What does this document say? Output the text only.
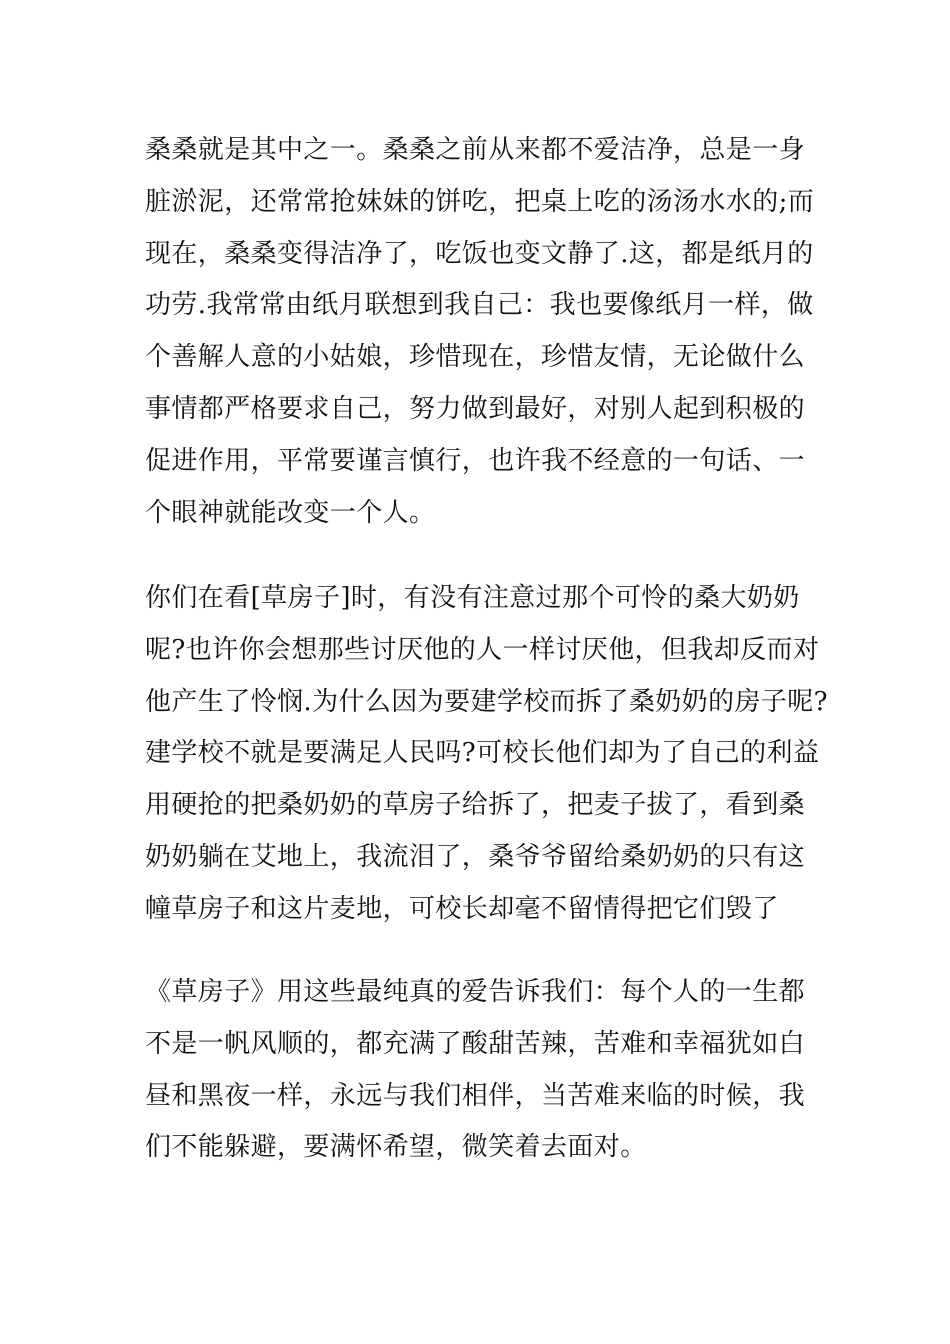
桑桑就是其中之一。桑桑之前从来都不爱洁净，总是一身
脏淤泥，还常常抢妹妹的饼吃，把桌上吃的汤汤水水的;而
现在，桑桑变得洁净了，吃饭也变文静了.这，都是纸月的
功劳.我常常由纸月联想到我自己：我也要像纸月一样，做
个善解人意的小姑娘，珍惜现在，珍惜友情，无论做什么
事情都严格要求自己，努力做到最好，对别人起到积极的
促进作用，平常要谨言慎行，也许我不经意的一句话、一
个眼神就能改变一个人。
你们在看[草房子]时，有没有注意过那个可怜的桑大奶奶
呢?也许你会想那些讨厌他的人一样讨厌他，但我却反而对
他产生了怜悯.为什么因为要建学校而拆了桑奶奶的房子呢?
建学校不就是要满足人民吗?可校长他们却为了自己的利益
用硬抢的把桑奶奶的草房子给拆了，把麦子拔了，看到桑
奶奶躺在艾地上，我流泪了，桑爷爷留给桑奶奶的只有这
幢草房子和这片麦地，可校长却毫不留情得把它们毁了
《草房子》用这些最纯真的爱告诉我们：每个人的一生都
不是一帆风顺的，都充满了酸甜苦辣，苦难和幸福犹如白
昼和黑夜一样，永远与我们相伴，当苦难来临的时候，我
们不能躲避，要满怀希望，微笑着去面对。
